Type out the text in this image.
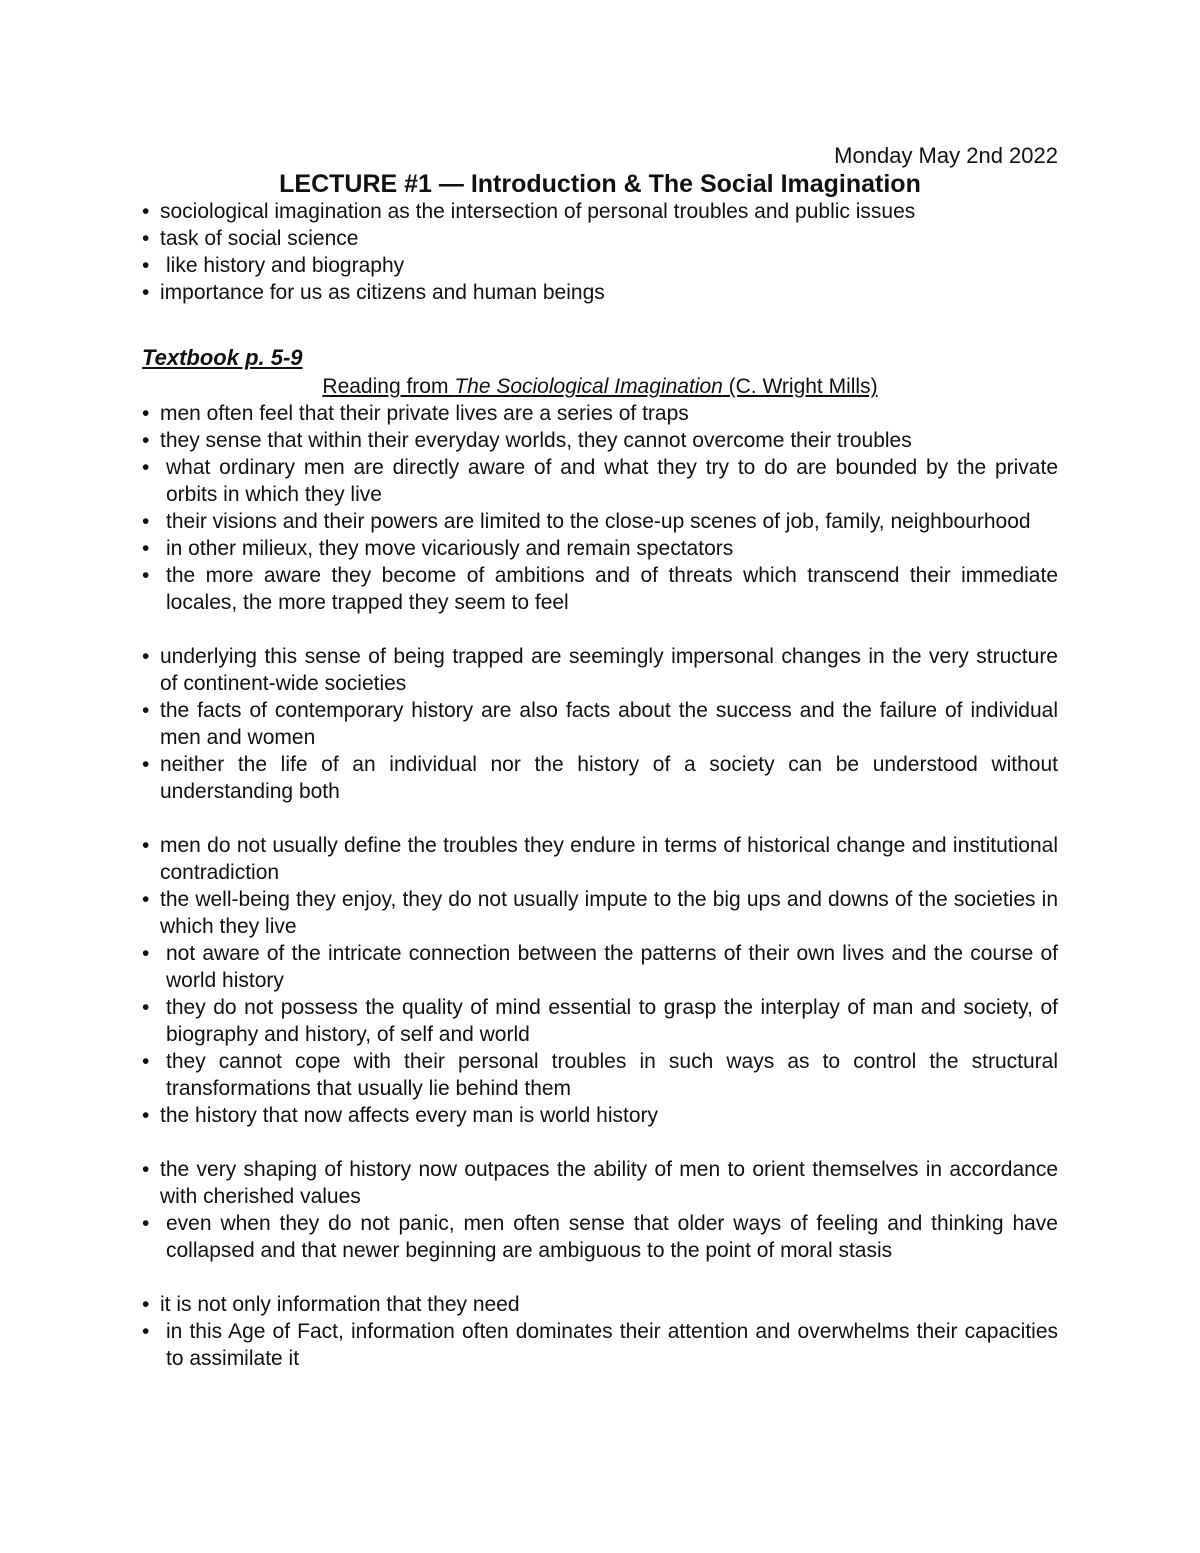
Monday May 2nd 2022
LECTURE #1 — Introduction & The Social Imagination
• sociological imagination as the intersection of personal troubles and public issues
• task of social science
• like history and biography
• importance for us as citizens and human beings
Textbook p. 5-9
Reading from The Sociological Imagination (C. Wright Mills)
• men often feel that their private lives are a series of traps
• they sense that within their everyday worlds, they cannot overcome their troubles
• what ordinary men are directly aware of and what they try to do are bounded by the private orbits in which they live
• their visions and their powers are limited to the close-up scenes of job, family, neighbourhood
• in other milieux, they move vicariously and remain spectators
• the more aware they become of ambitions and of threats which transcend their immediate locales, the more trapped they seem to feel
• underlying this sense of being trapped are seemingly impersonal changes in the very structure of continent-wide societies
• the facts of contemporary history are also facts about the success and the failure of individual men and women
• neither the life of an individual nor the history of a society can be understood without understanding both
• men do not usually define the troubles they endure in terms of historical change and institutional contradiction
• the well-being they enjoy, they do not usually impute to the big ups and downs of the societies in which they live
• not aware of the intricate connection between the patterns of their own lives and the course of world history
• they do not possess the quality of mind essential to grasp the interplay of man and society, of biography and history, of self and world
• they cannot cope with their personal troubles in such ways as to control the structural transformations that usually lie behind them
• the history that now affects every man is world history
• the very shaping of history now outpaces the ability of men to orient themselves in accordance with cherished values
• even when they do not panic, men often sense that older ways of feeling and thinking have collapsed and that newer beginning are ambiguous to the point of moral stasis
• it is not only information that they need
• in this Age of Fact, information often dominates their attention and overwhelms their capacities to assimilate it
